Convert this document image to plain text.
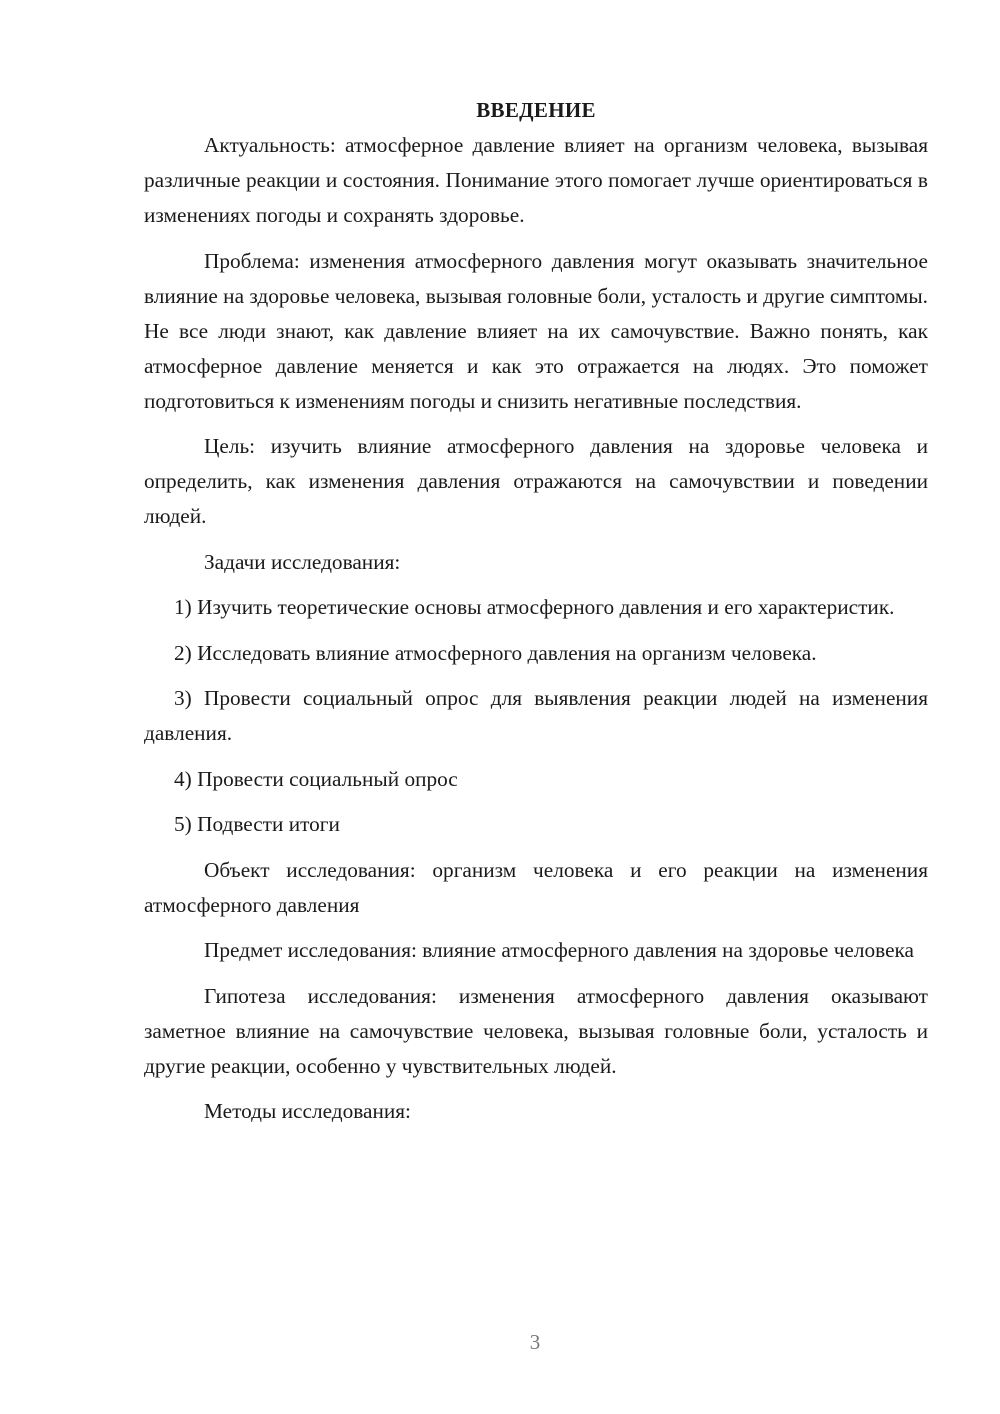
ВВЕДЕНИЕ

Актуальность: атмосферное давление влияет на организм человека, вызывая различные реакции и состояния. Понимание этого помогает лучше ориентироваться в изменениях погоды и сохранять здоровье.

Проблема: изменения атмосферного давления могут оказывать значительное влияние на здоровье человека, вызывая головные боли, усталость и другие симптомы. Не все люди знают, как давление влияет на их самочувствие. Важно понять, как атмосферное давление меняется и как это отражается на людях. Это поможет подготовиться к изменениям погоды и снизить негативные последствия.

Цель: изучить влияние атмосферного давления на здоровье человека и определить, как изменения давления отражаются на самочувствии и поведении людей.

Задачи исследования:

1) Изучить теоретические основы атмосферного давления и его характеристик.

2) Исследовать влияние атмосферного давления на организм человека.

3) Провести социальный опрос для выявления реакции людей на изменения давления.

4) Провести социальный опрос

5) Подвести итоги

Объект исследования: организм человека и его реакции на изменения атмосферного давления

Предмет исследования: влияние атмосферного давления на здоровье человека

Гипотеза исследования: изменения атмосферного давления оказывают заметное влияние на самочувствие человека, вызывая головные боли, усталость и другие реакции, особенно у чувствительных людей.

Методы исследования:

3
